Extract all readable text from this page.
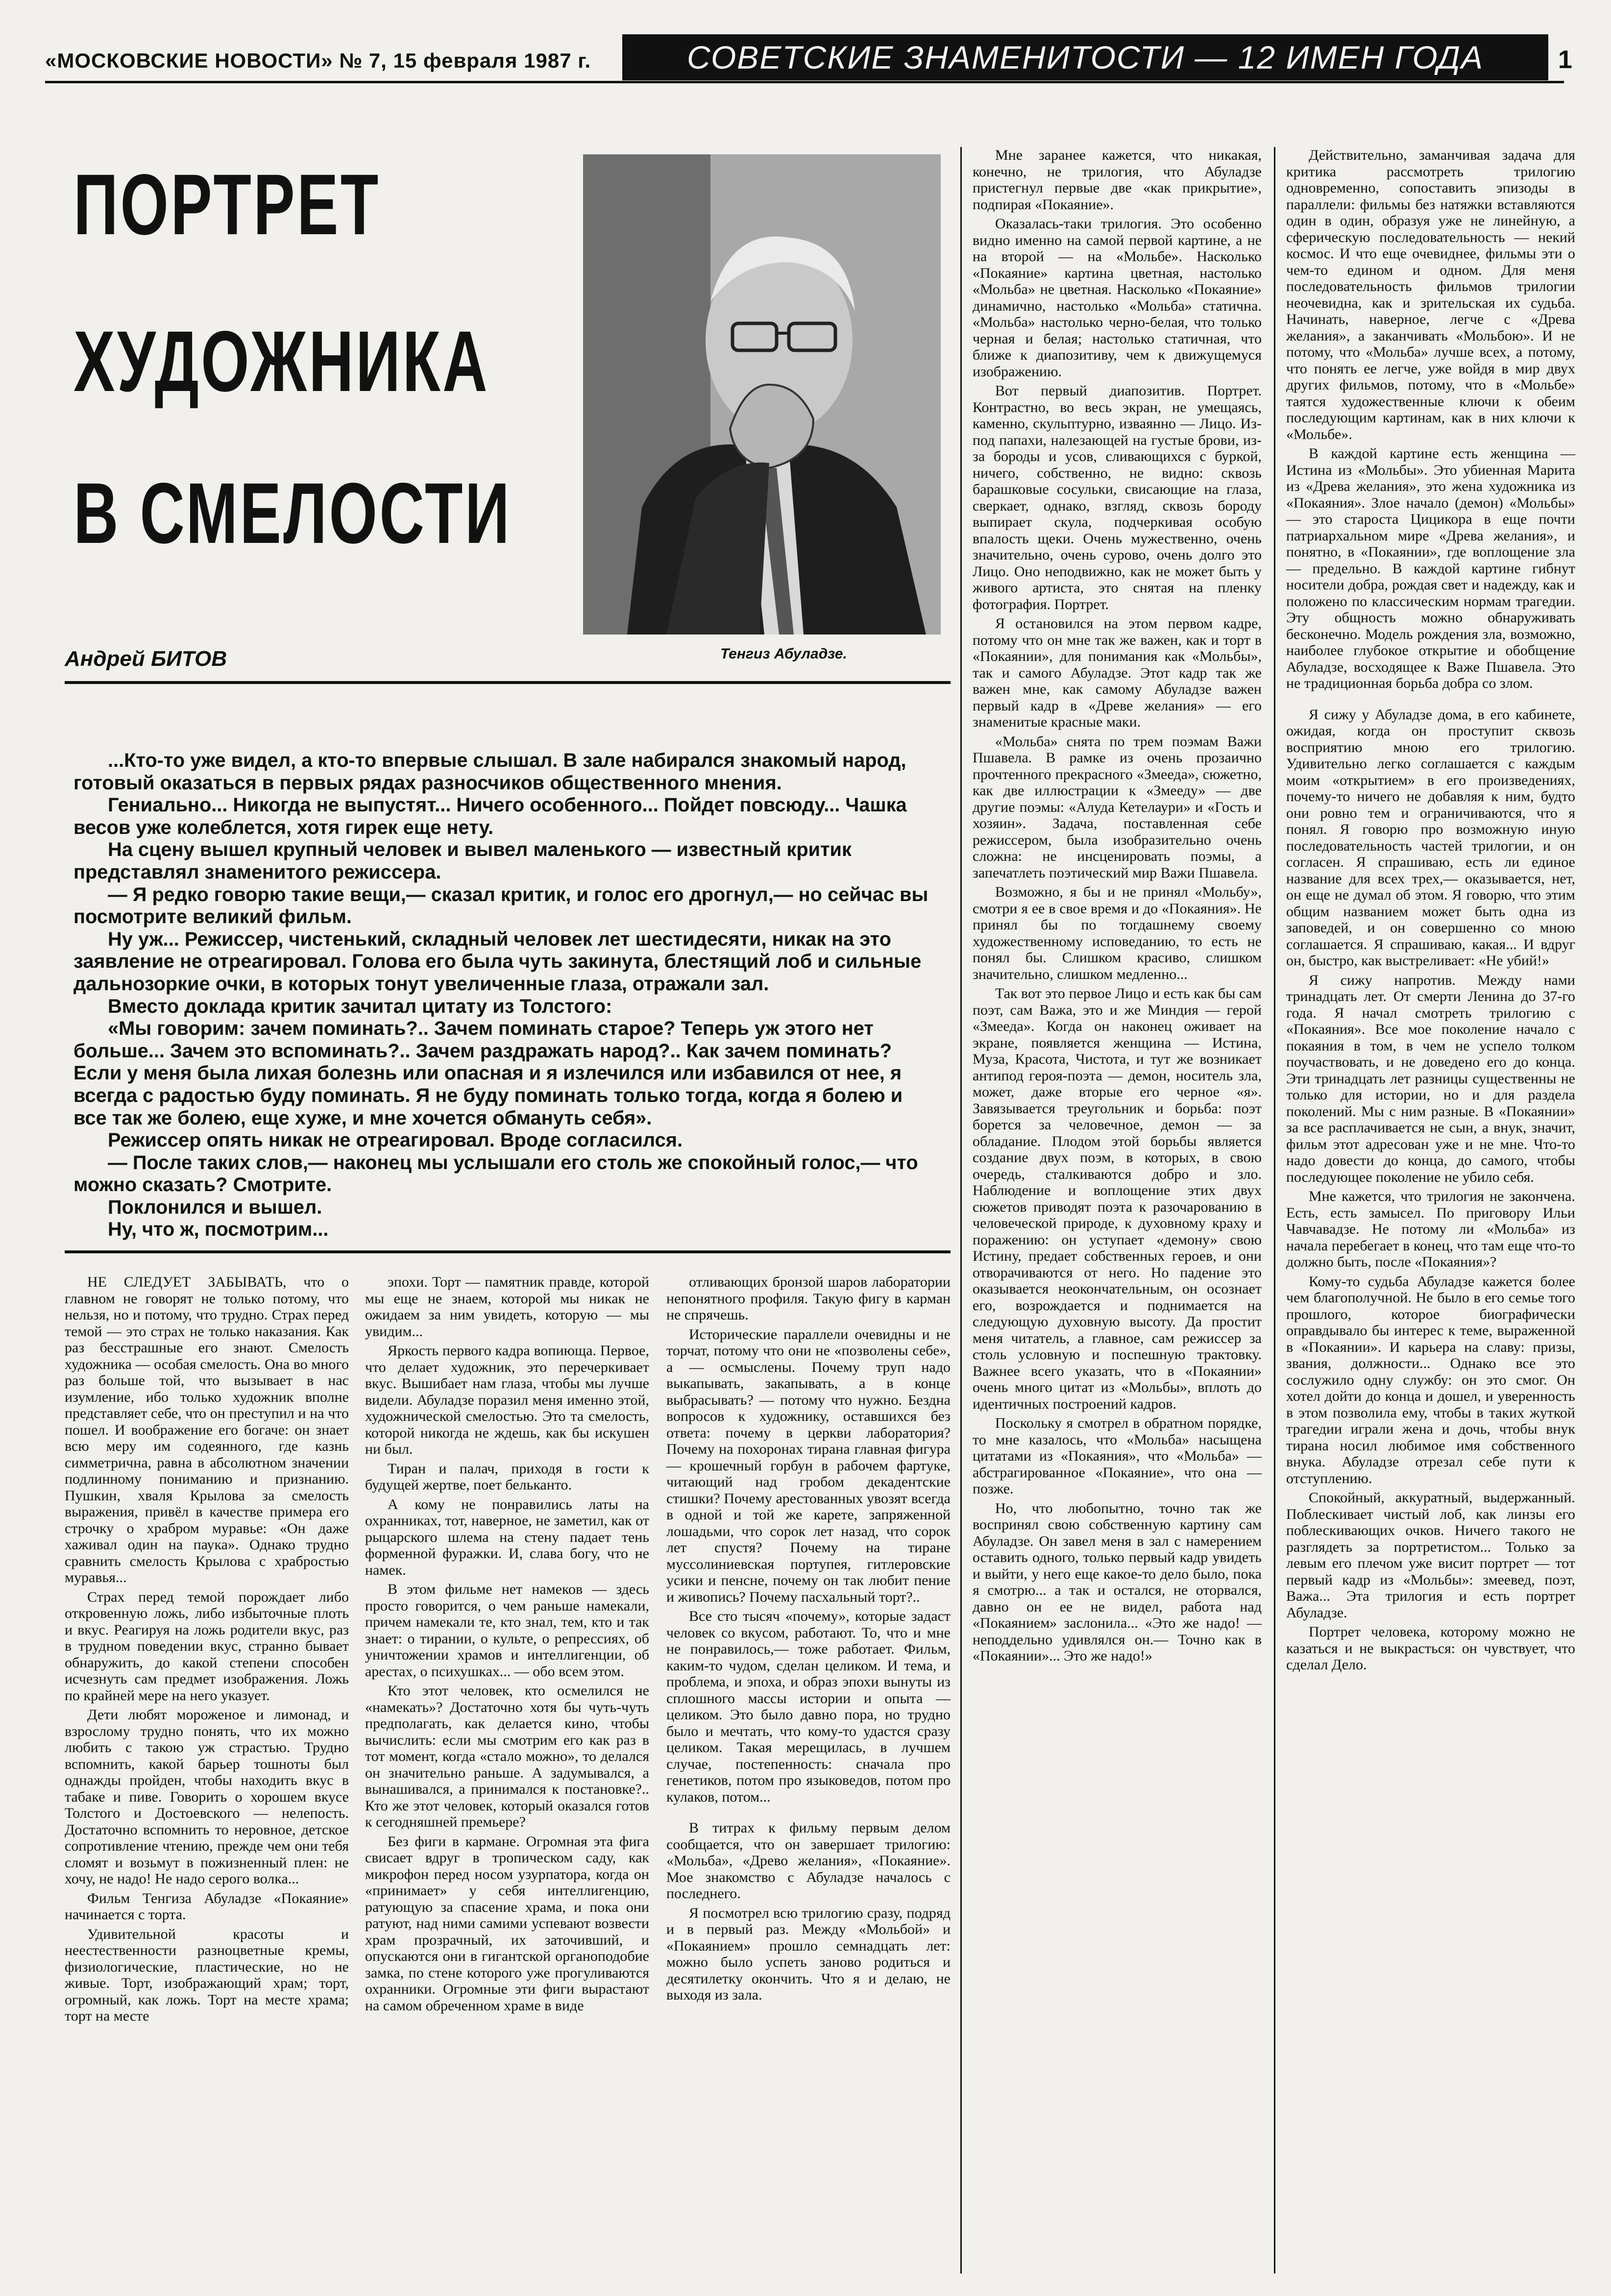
«МОСКОВСКИЕ НОВОСТИ» № 7, 15 февраля 1987 г.	СОВЕТСКИЕ ЗНАМЕНИТОСТИ — 12 ИМЕН ГОДА	1
ПОРТРЕТ
ХУДОЖНИКА
В СМЕЛОСТИ
Андрей БИТОВ	Тенгиз Абуладзе.

...Кто-то уже видел, а кто-то впервые слышал. В зале набирался знакомый народ, готовый оказаться в первых рядах разносчиков общественного мнения.

Гениально... Никогда не выпустят... Ничего особенного... Пойдет повсюду... Чашка весов уже колеблется, хотя гирек еще нету.

На сцену вышел крупный человек и вывел маленького — известный критик представлял знаменитого режиссера.

— Я редко говорю такие вещи,— сказал критик, и голос его дрогнул,— но сейчас вы посмотрите великий фильм.

Ну уж... Режиссер, чистенький, складный человек лет шестидесяти, никак на это заявление не отреагировал. Голова его была чуть закинута, блестящий лоб и сильные дальнозоркие очки, в которых тонут увеличенные глаза, отражали зал.

Вместо доклада критик зачитал цитату из Толстого:

«Мы говорим: зачем поминать?.. Зачем поминать старое? Теперь уж этого нет больше... Зачем это вспоминать?.. Зачем раздражать народ?.. Как зачем поминать? Если у меня была лихая болезнь или опасная и я излечился или избавился от нее, я всегда с радостью буду поминать. Я не буду поминать только тогда, когда я болею и все так же болею, еще хуже, и мне хочется обмануть себя».

Режиссер опять никак не отреагировал. Вроде согласился.

— После таких слов,— наконец мы услышали его столь же спокойный голос,— что можно сказать? Смотрите.

Поклонился и вышел.

Ну, что ж, посмотрим...

НЕ СЛЕДУЕТ ЗАБЫВАТЬ, что о главном не говорят не только потому, что нельзя, но и потому, что трудно. Страх перед темой — это страх не только наказания. Как раз бесстрашные его знают. Смелость художника — особая смелость. Она во много раз больше той, что вызывает в нас изумление, ибо только художник вполне представляет себе, что он преступил и на что пошел. И воображение его богаче: он знает всю меру им содеянного, где казнь симметрична, равна в абсолютном значении подлинному пониманию и признанию. Пушкин, хваля Крылова за смелость выражения, привёл в качестве примера его строчку о храбром муравье: «Он даже хаживал один на паука». Однако трудно сравнить смелость Крылова с храбростью муравья...

Страх перед темой порождает либо откровенную ложь, либо избыточные плоть и вкус. Реагируя на ложь родители вкус, раз в трудном поведении вкус, странно бывает обнаружить, до какой степени способен исчезнуть сам предмет изображения. Ложь по крайней мере на него указует.

Дети любят мороженое и лимонад, и взрослому трудно понять, что их можно любить с такою уж страстью. Трудно вспомнить, какой барьер тошноты был однажды пройден, чтобы находить вкус в табаке и пиве. Говорить о хорошем вкусе Толстого и Достоевского — нелепость. Достаточно вспомнить то неровное, детское сопротивление чтению, прежде чем они тебя сломят и возьмут в пожизненный плен: не хочу, не надо! Не надо серого волка...

Фильм Тенгиза Абуладзе «Покаяние» начинается с торта.

Удивительной красоты и неестественности разноцветные кремы, физиологические, пластические, но не живые. Торт, изображающий храм; торт, огромный, как ложь. Торт на месте храма; торт на месте

эпохи. Торт — памятник правде, которой мы еще не знаем, которой мы никак не ожидаем за ним увидеть, которую — мы увидим...

Яркость первого кадра вопиюща. Первое, что делает художник, это перечеркивает вкус. Вышибает нам глаза, чтобы мы лучше видели. Абуладзе поразил меня именно этой, художнической смелостью. Это та смелость, которой никогда не ждешь, как бы искушен ни был.

Тиран и палач, приходя в гости к будущей жертве, поет бельканто.

А кому не понравились латы на охранниках, тот, наверное, не заметил, как от рыцарского шлема на стену падает тень форменной фуражки. И, слава богу, что не намек.

В этом фильме нет намеков — здесь просто говорится, о чем раньше намекали, причем намекали те, кто знал, тем, кто и так знает: о тирании, о культе, о репрессиях, об уничтожении храмов и интеллигенции, об арестах, о психушках... — обо всем этом.

Кто этот человек, кто осмелился не «намекать»? Достаточно хотя бы чуть-чуть предполагать, как делается кино, чтобы вычислить: если мы смотрим его как раз в тот момент, когда «стало можно», то делался он значительно раньше. А задумывался, а вынашивался, а принимался к постановке?.. Кто же этот человек, который оказался готов к сегодняшней премьере?

Без фиги в кармане. Огромная эта фига свисает вдруг в тропическом саду, как микрофон перед носом узурпатора, когда он «принимает» у себя интеллигенцию, ратующую за спасение храма, и пока они ратуют, над ними самими успевают возвести храм прозрачный, их заточивший, и опускаются они в гигантской органоподобие замка, по стене которого уже прогуливаются охранники. Огромные эти фиги вырастают на самом обреченном храме в виде

отливающих бронзой шаров лаборатории непонятного профиля. Такую фигу в карман не спрячешь.

Исторические параллели очевидны и не торчат, потому что они не «позволены себе», а — осмыслены. Почему труп надо выкапывать, закапывать, а в конце выбрасывать? — потому что нужно. Бездна вопросов к художнику, оставшихся без ответа: почему в церкви лаборатория? Почему на похоронах тирана главная фигура — крошечный горбун в рабочем фартуке, читающий над гробом декадентские стишки? Почему арестованных увозят всегда в одной и той же карете, запряженной лошадьми, что сорок лет назад, что сорок лет спустя? Почему на тиране муссолиниевская портупея, гитлеровские усики и пенсне, почему он так любит пение и живопись? Почему пасхальный торт?..

Все сто тысяч «почему», которые задаст человек со вкусом, работают. То, что и мне не понравилось,— тоже работает. Фильм, каким-то чудом, сделан целиком. И тема, и проблема, и эпоха, и образ эпохи вынуты из сплошного массы истории и опыта — целиком. Это было давно пора, но трудно было и мечтать, что кому-то удастся сразу целиком. Такая мерещилась, в лучшем случае, постепенность: сначала про генетиков, потом про языковедов, потом про кулаков, потом...

В титрах к фильму первым делом сообщается, что он завершает трилогию: «Мольба», «Древо желания», «Покаяние». Мое знакомство с Абуладзе началось с последнего.

Я посмотрел всю трилогию сразу, подряд и в первый раз. Между «Мольбой» и «Покаянием» прошло семнадцать лет: можно было успеть заново родиться и десятилетку окончить. Что я и делаю, не выходя из зала.

Мне заранее кажется, что никакая, конечно, не трилогия, что Абуладзе пристегнул первые две «как прикрытие», подпирая «Покаяние».

Оказалась-таки трилогия. Это особенно видно именно на самой первой картине, а не на второй — на «Мольбе». Насколько «Покаяние» картина цветная, настолько «Мольба» не цветная. Насколько «Покаяние» динамично, настолько «Мольба» статична. «Мольба» настолько черно-белая, что только черная и белая; настолько статичная, что ближе к диапозитиву, чем к движущемуся изображению.

Вот первый диапозитив. Портрет. Контрастно, во весь экран, не умещаясь, каменно, скульптурно, изваянно — Лицо. Из-под папахи, налезающей на густые брови, из-за бороды и усов, сливающихся с буркой, ничего, собственно, не видно: сквозь барашковые сосульки, свисающие на глаза, сверкает, однако, взгляд, сквозь бороду выпирает скула, подчеркивая особую впалость щеки. Очень мужественно, очень значительно, очень сурово, очень долго это Лицо. Оно неподвижно, как не может быть у живого артиста, это снятая на пленку фотография. Портрет.

Я остановился на этом первом кадре, потому что он мне так же важен, как и торт в «Покаянии», для понимания как «Мольбы», так и самого Абуладзе. Этот кадр так же важен мне, как самому Абуладзе важен первый кадр в «Древе желания» — его знаменитые красные маки.

«Мольба» снята по трем поэмам Важи Пшавела. В рамке из очень прозаично прочтенного прекрасного «Змееда», сюжетно, как две иллюстрации к «Змееду» — две другие поэмы: «Алуда Кетелаури» и «Гость и хозяин». Задача, поставленная себе режиссером, была изобразительно очень сложна: не инсценировать поэмы, а запечатлеть поэтический мир Важи Пшавела.

Возможно, я бы и не принял «Мольбу», смотри я ее в свое время и до «Покаяния». Не принял бы по тогдашнему своему художественному исповеданию, то есть не понял бы. Слишком красиво, слишком значительно, слишком медленно...

Так вот это первое Лицо и есть как бы сам поэт, сам Важа, это и же Миндия — герой «Змееда». Когда он наконец оживает на экране, появляется женщина — Истина, Муза, Красота, Чистота, и тут же возникает антипод героя-поэта — демон, носитель зла, может, даже вторые его черное «я». Завязывается треугольник и борьба: поэт борется за человечное, демон — за обладание. Плодом этой борьбы является создание двух поэм, в которых, в свою очередь, сталкиваются добро и зло. Наблюдение и воплощение этих двух сюжетов приводят поэта к разочарованию в человеческой природе, к духовному краху и поражению: он уступает «демону» свою Истину, предает собственных героев, и они отворачиваются от него. Но падение это оказывается неокончательным, он осознает его, возрождается и поднимается на следующую духовную высоту. Да простит меня читатель, а главное, сам режиссер за столь условную и поспешную трактовку. Важнее всего указать, что в «Покаянии» очень много цитат из «Мольбы», вплоть до идентичных построений кадров.

Поскольку я смотрел в обратном порядке, то мне казалось, что «Мольба» насыщена цитатами из «Покаяния», что «Мольба» — абстрагированное «Покаяние», что она — позже.

Но, что любопытно, точно так же воспринял свою собственную картину сам Абуладзе. Он завел меня в зал с намерением оставить одного, только первый кадр увидеть и выйти, у него еще какое-то дело было, пока я смотрю... а так и остался, не оторвался, давно он ее не видел, работа над «Покаянием» заслонила... «Это же надо! — неподдельно удивлялся он.— Точно как в «Покаянии»... Это же надо!»

Действительно, заманчивая задача для критика рассмотреть трилогию одновременно, сопоставить эпизоды в параллели: фильмы без натяжки вставляются один в один, образуя уже не линейную, а сферическую последовательность — некий космос. И что еще очевиднее, фильмы эти о чем-то едином и одном. Для меня последовательность фильмов трилогии неочевидна, как и зрительская их судьба. Начинать, наверное, легче с «Древа желания», а заканчивать «Мольбою». И не потому, что «Мольба» лучше всех, а потому, что понять ее легче, уже войдя в мир двух других фильмов, потому, что в «Мольбе» таятся художественные ключи к обеим последующим картинам, как в них ключи к «Мольбе».

В каждой картине есть женщина — Истина из «Мольбы». Это убиенная Марита из «Древа желания», это жена художника из «Покаяния». Злое начало (демон) «Мольбы» — это староста Цицикора в еще почти патриархальном мире «Древа желания», и понятно, в «Покаянии», где воплощение зла — предельно. В каждой картине гибнут носители добра, рождая свет и надежду, как и положено по классическим нормам трагедии. Эту общность можно обнаруживать бесконечно. Модель рождения зла, возможно, наиболее глубокое открытие и обобщение Абуладзе, восходящее к Важе Пшавела. Это не традиционная борьба добра со злом.

Я сижу у Абуладзе дома, в его кабинете, ожидая, когда он проступит сквозь восприятию мною его трилогию. Удивительно легко соглашается с каждым моим «открытием» в его произведениях, почему-то ничего не добавляя к ним, будто они ровно тем и ограничиваются, что я понял. Я говорю про возможную иную последовательность частей трилогии, и он согласен. Я спрашиваю, есть ли единое название для всех трех,— оказывается, нет, он еще не думал об этом. Я говорю, что этим общим названием может быть одна из заповедей, и он совершенно со мною соглашается. Я спрашиваю, какая... И вдруг он, быстро, как выстреливает: «Не убий!»

Я сижу напротив. Между нами тринадцать лет. От смерти Ленина до 37-го года. Я начал смотреть трилогию с «Покаяния». Все мое поколение начало с покаяния в том, в чем не успело толком поучаствовать, и не доведено его до конца. Эти тринадцать лет разницы существенны не только для истории, но и для раздела поколений. Мы с ним разные. В «Покаянии» за все расплачивается не сын, а внук, значит, фильм этот адресован уже и не мне. Что-то надо довести до конца, до самого, чтобы последующее поколение не убило себя.

Мне кажется, что трилогия не закончена. Есть, есть замысел. По приговору Ильи Чавчавадзе. Не потому ли «Мольба» из начала перебегает в конец, что там еще что-то должно быть, после «Покаяния»?

Кому-то судьба Абуладзе кажется более чем благополучной. Не было в его семье того прошлого, которое биографически оправдывало бы интерес к теме, выраженной в «Покаянии». И карьера на славу: призы, звания, должности... Однако все это сослужило одну службу: он это смог. Он хотел дойти до конца и дошел, и уверенность в этом позволила ему, чтобы в таких жуткой трагедии играли жена и дочь, чтобы внук тирана носил любимое имя собственного внука. Абуладзе отрезал себе пути к отступлению.

Спокойный, аккуратный, выдержанный. Поблескивает чистый лоб, как линзы его поблескивающих очков. Ничего такого не разглядеть за портретистом... Только за левым его плечом уже висит портрет — тот первый кадр из «Мольбы»: змеевед, поэт, Важа... Эта трилогия и есть портрет Абуладзе.

Портрет человека, которому можно не казаться и не выкрасться: он чувствует, что сделал Дело.
